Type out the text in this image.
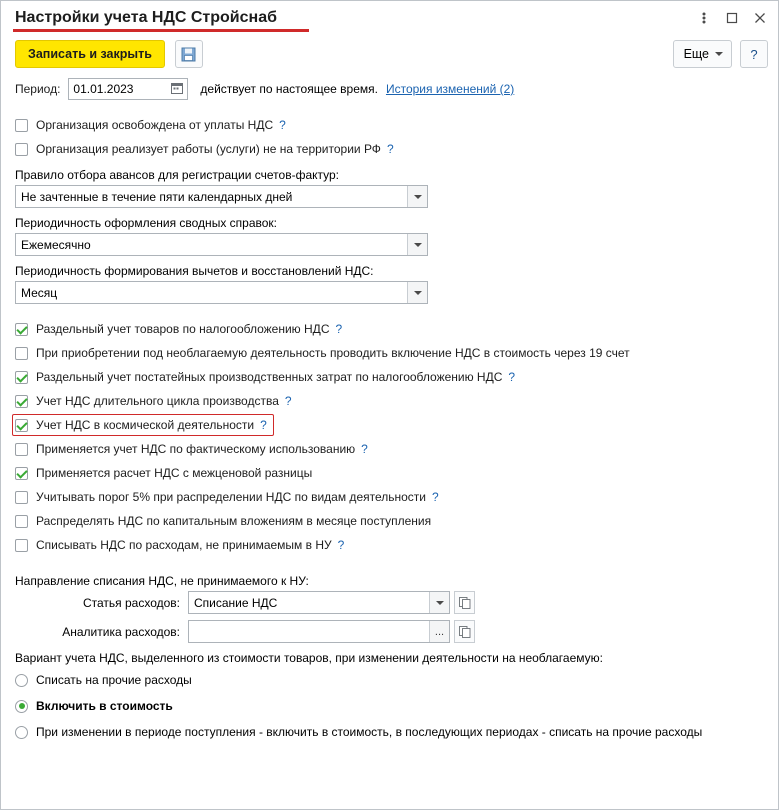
Настройки учета НДС Стройснаб
Записать и закрыть	Еще	?
Период: 01.01.2023	действует по настоящее время. История изменений (2)
Организация освобождена от уплаты НДС ?
Организация реализует работы (услуги) не на территории РФ ?
Правило отбора авансов для регистрации счетов-фактур:
Не зачтенные в течение пяти календарных дней
Периодичность оформления сводных справок:
Ежемесячно
Периодичность формирования вычетов и восстановлений НДС:
Месяц
Раздельный учет товаров по налогообложению НДС ?
При приобретении под необлагаемую деятельность проводить включение НДС в стоимость через 19 счет
Раздельный учет постатейных производственных затрат по налогообложению НДС ?
Учет НДС длительного цикла производства ?
Учет НДС в космической деятельности ?
Применяется учет НДС по фактическому использованию ?
Применяется расчет НДС с межценовой разницы
Учитывать порог 5% при распределении НДС по видам деятельности ?
Распределять НДС по капитальным вложениям в месяце поступления
Списывать НДС по расходам, не принимаемым в НУ ?
Направление списания НДС, не принимаемого к НУ:
Статья расходов:	Списание НДС
Аналитика расходов:	...
Вариант учета НДС, выделенного из стоимости товаров, при изменении деятельности на необлагаемую:
Списать на прочие расходы
Включить в стоимость
При изменении в периоде поступления - включить в стоимость, в последующих периодах - списать на прочие расходы
